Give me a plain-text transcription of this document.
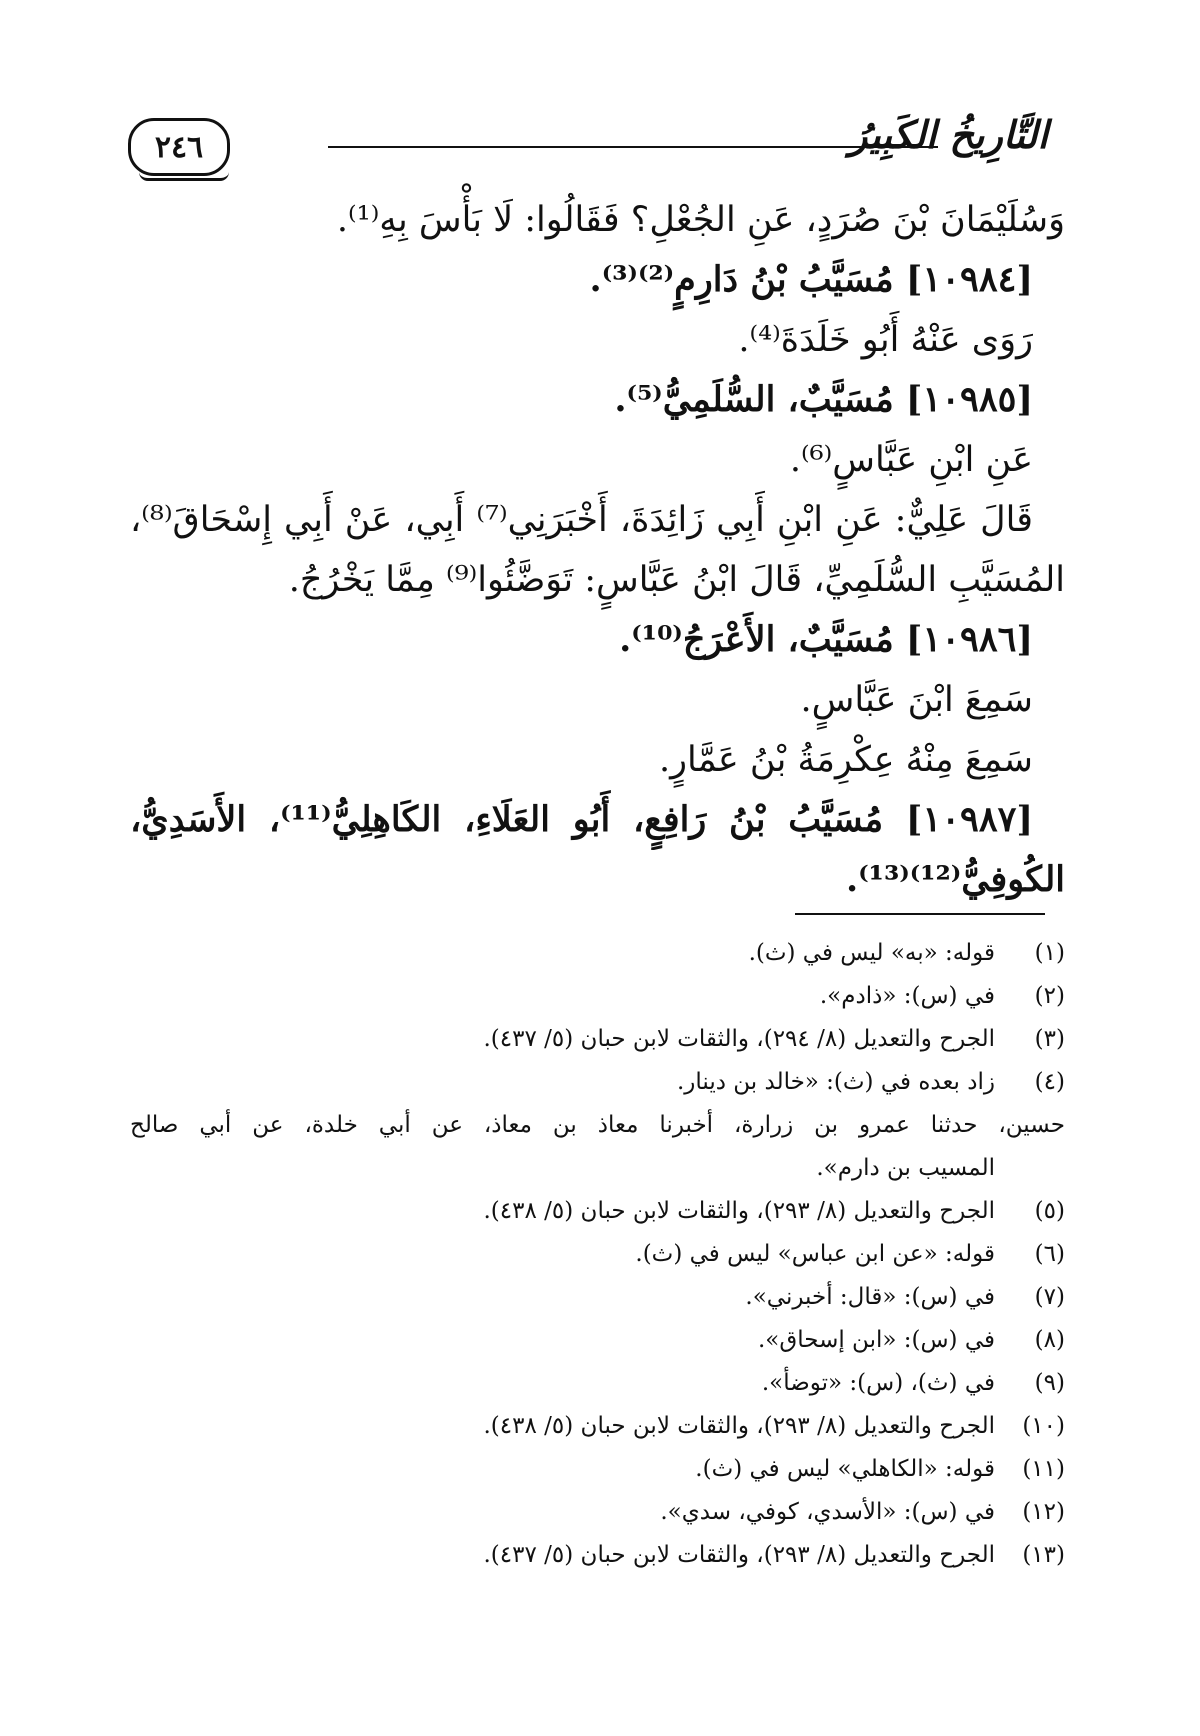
٢٤٦	التَّارِيخُ الكَبِيرُ
وَسُلَيْمَانَ بْنَ صُرَدٍ، عَنِ الجُعْلِ؟ فَقَالُوا: لَا بَأْسَ بِهِ⁽¹⁾.
[١٠٩٨٤] مُسَيَّبُ بْنُ دَارِمٍ⁽²⁾⁽³⁾.
رَوَى عَنْهُ أَبُو خَلَدَةَ⁽⁴⁾.
[١٠٩٨٥] مُسَيَّبٌ، السُّلَمِيُّ⁽⁵⁾.
عَنِ ابْنِ عَبَّاسٍ⁽⁶⁾.
قَالَ عَلِيٌّ: عَنِ ابْنِ أَبِي زَائِدَةَ، أَخْبَرَنِي⁽⁷⁾ أَبِي، عَنْ أَبِي إِسْحَاقَ⁽⁸⁾،
المُسَيَّبِ السُّلَمِيِّ، قَالَ ابْنُ عَبَّاسٍ: تَوَضَّئُوا⁽⁹⁾ مِمَّا يَخْرُجُ.
[١٠٩٨٦] مُسَيَّبٌ، الأَعْرَجُ⁽¹⁰⁾.
سَمِعَ ابْنَ عَبَّاسٍ.
سَمِعَ مِنْهُ عِكْرِمَةُ بْنُ عَمَّارٍ.
[١٠٩٨٧] مُسَيَّبُ بْنُ رَافِعٍ، أَبُو العَلَاءِ، الكَاهِلِيُّ⁽¹¹⁾، الأَسَدِيُّ،
الكُوفِيُّ⁽¹²⁾⁽¹³⁾.
(١)
قوله: «به» ليس في (ث).
(٢)
في (س): «ذادم».
(٣)
الجرح والتعديل (٨/ ٢٩٤)، والثقات لابن حبان (٥/ ٤٣٧).
(٤)
زاد بعده في (ث): «خالد بن دينار.
حسين، حدثنا عمرو بن زرارة، أخبرنا معاذ بن معاذ، عن أبي خلدة، عن أبي صالح
المسيب بن دارم».
(٥)
الجرح والتعديل (٨/ ٢٩٣)، والثقات لابن حبان (٥/ ٤٣٨).
(٦)
قوله: «عن ابن عباس» ليس في (ث).
(٧)
في (س): «قال: أخبرني».
(٨)
في (س): «ابن إسحاق».
(٩)
في (ث)، (س): «توضأ».
(١٠)
الجرح والتعديل (٨/ ٢٩٣)، والثقات لابن حبان (٥/ ٤٣٨).
(١١)
قوله: «الكاهلي» ليس في (ث).
(١٢)
في (س): «الأسدي، كوفي، سدي».
(١٣)
الجرح والتعديل (٨/ ٢٩٣)، والثقات لابن حبان (٥/ ٤٣٧).
